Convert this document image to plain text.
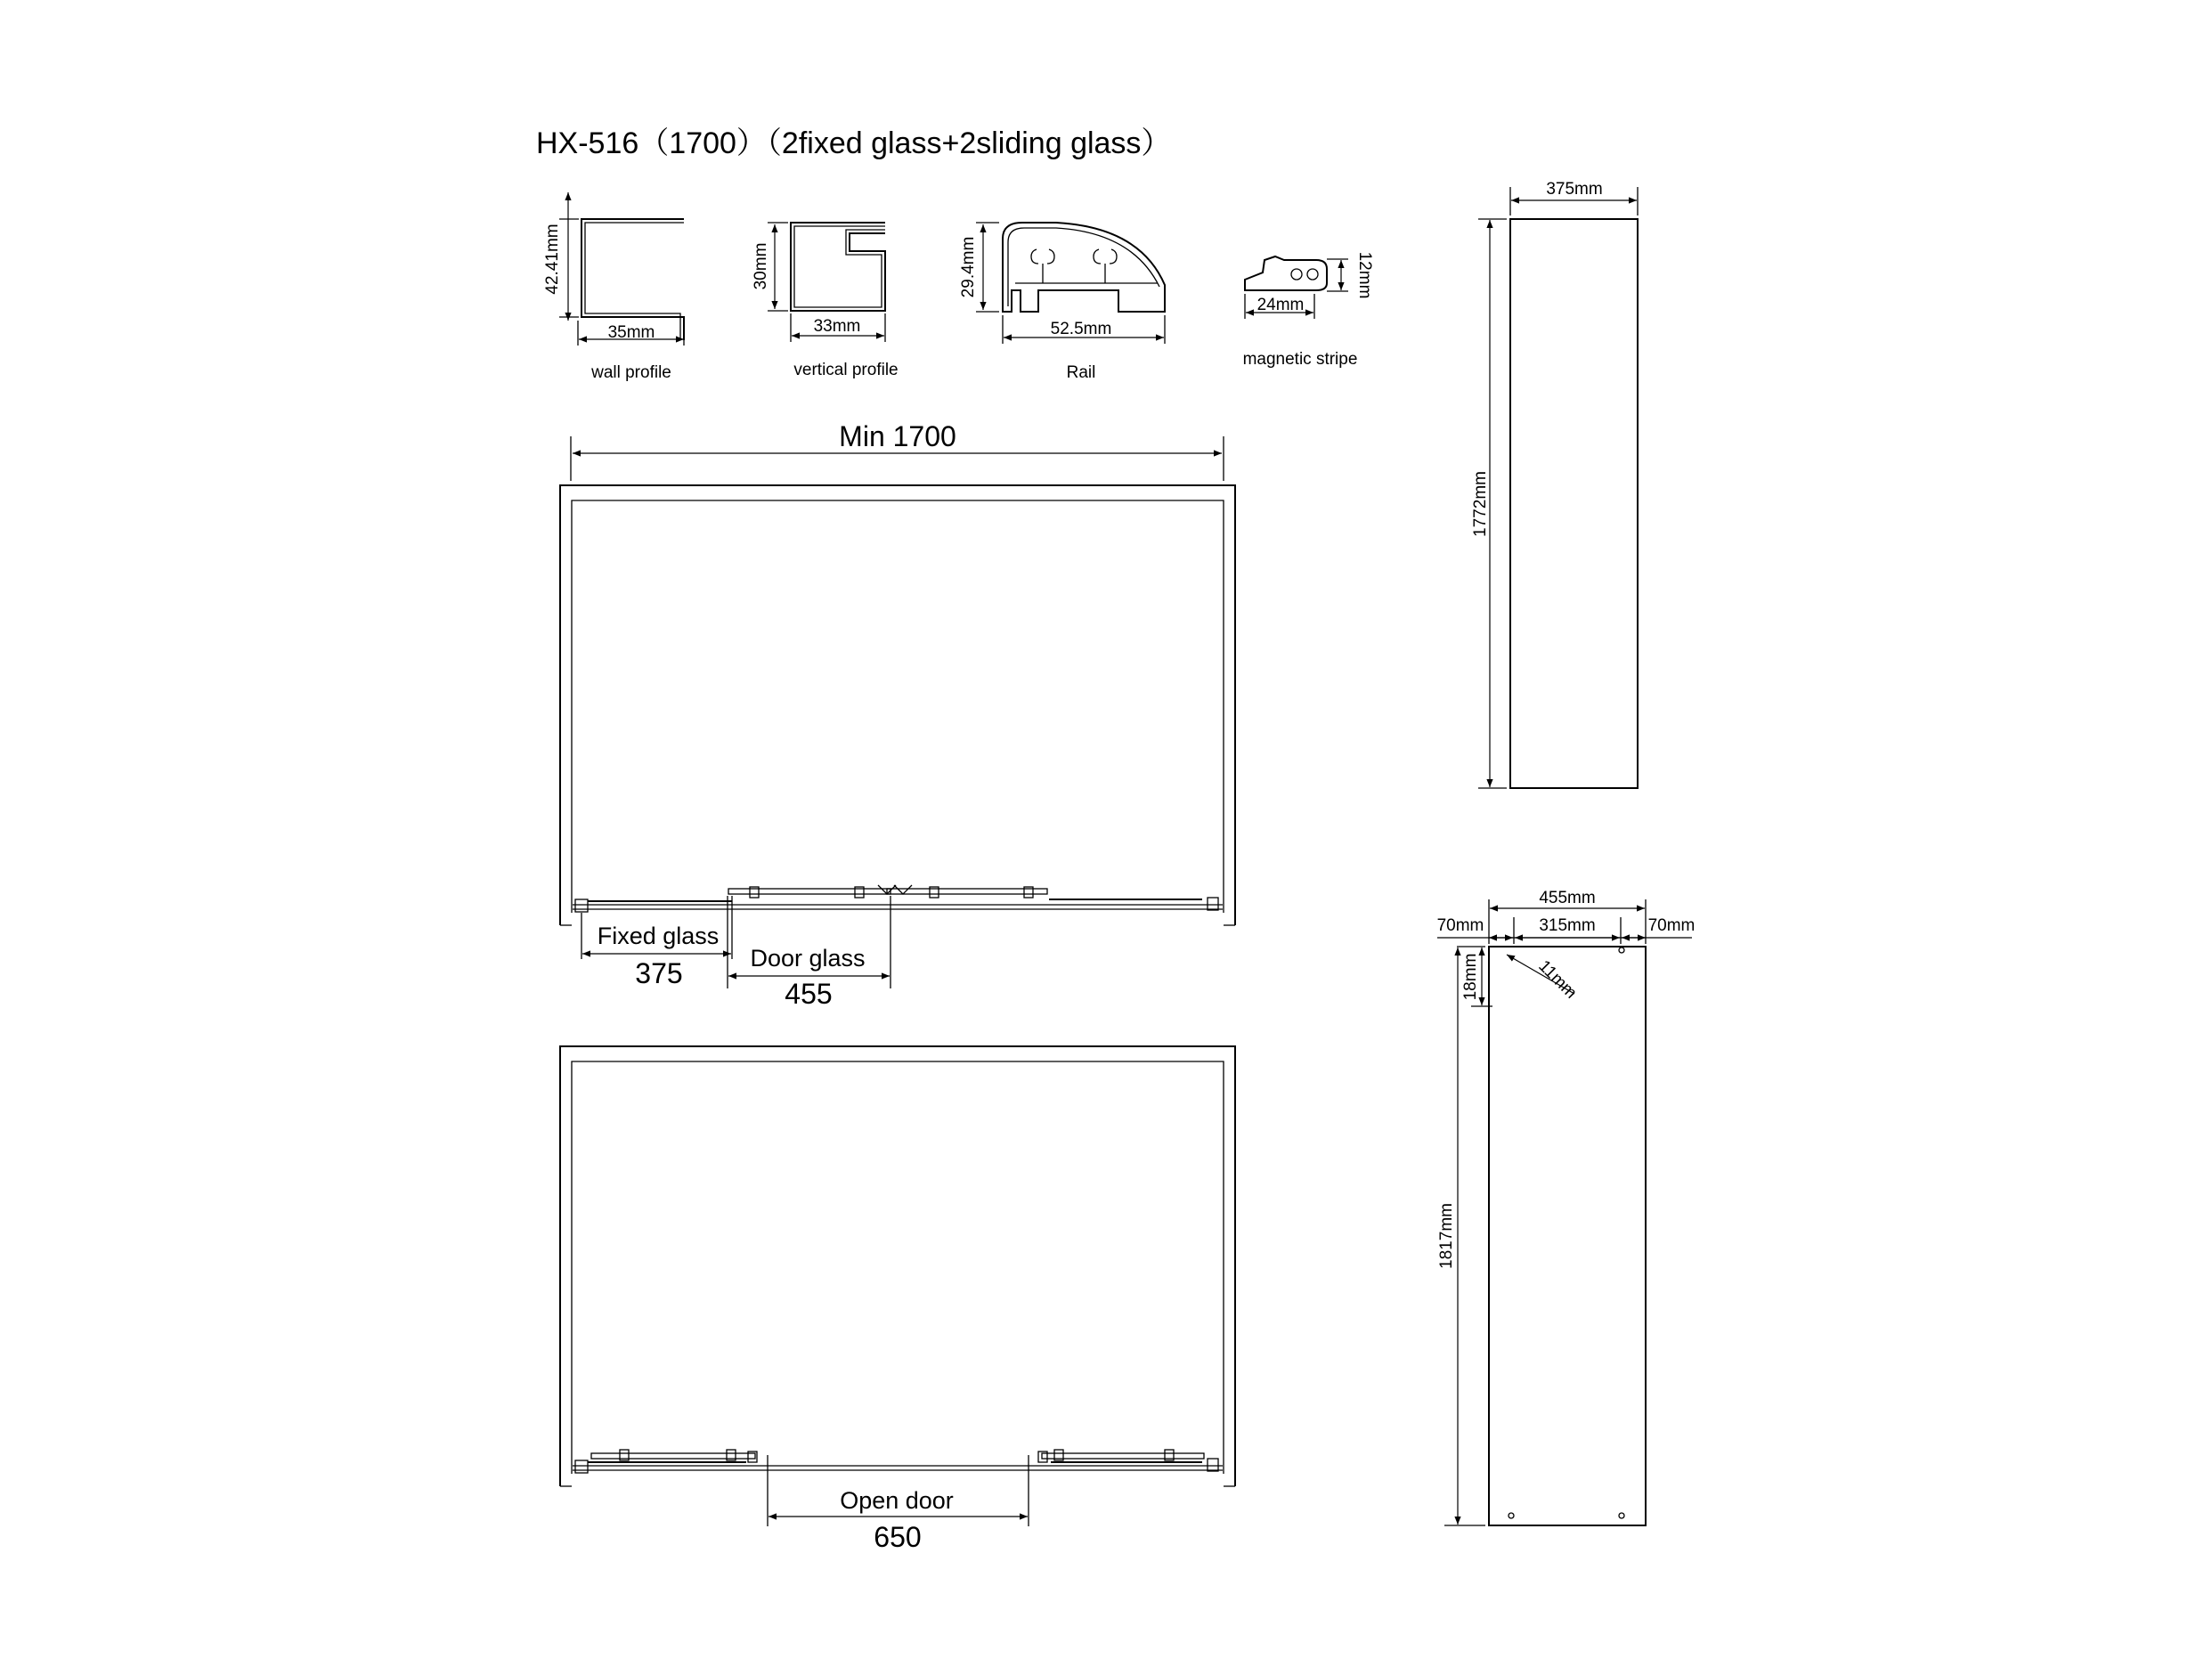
HX-516（1700）（2fixed glass+2sliding glass）
42.41mm
35mm
wall profile
30mm
33mm
vertical profile
29.4mm
52.5mm
Rail
12mm
24mm
magnetic stripe
Min 1700
Fixed glass
375	Door glass
455
Open door
650
375mm
1772mm
455mm
315mm
70mm	70mm
18mm	11mm
1817mm
